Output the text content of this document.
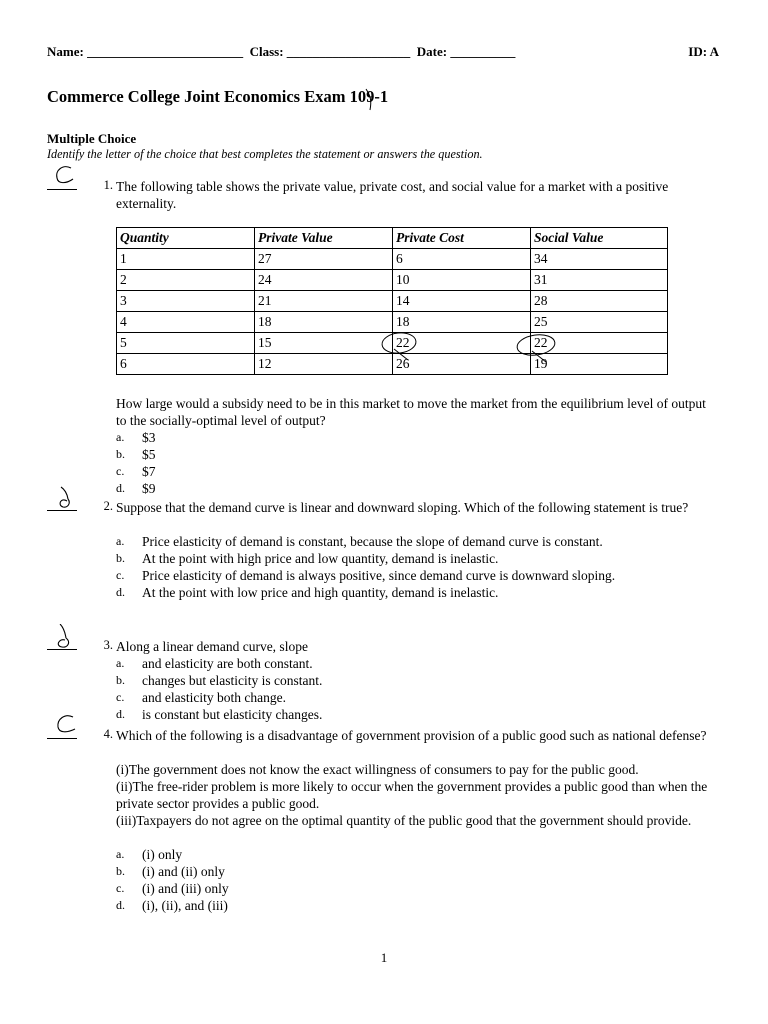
Name: ________________________ Class: ___________________ Date: __________	ID: A
Commerce College Joint Economics Exam 109-1
Multiple Choice
Identify the letter of the choice that best completes the statement or answers the question.
1. The following table shows the private value, private cost, and social value for a market with a positive externality.
Quantity	Private Value	Private Cost	Social Value
1	27	6	34
2	24	10	31
3	21	14	28
4	18	18	25
5	15	22	22
6	12	26	19
How large would a subsidy need to be in this market to move the market from the equilibrium level of output to the socially-optimal level of output?
a.	$3
b.	$5
c.	$7
d.	$9
2. Suppose that the demand curve is linear and downward sloping. Which of the following statement is true?
a.	Price elasticity of demand is constant, because the slope of demand curve is constant.
b.	At the point with high price and low quantity, demand is inelastic.
c.	Price elasticity of demand is always positive, since demand curve is downward sloping.
d.	At the point with low price and high quantity, demand is inelastic.
3. Along a linear demand curve, slope
a.	and elasticity are both constant.
b.	changes but elasticity is constant.
c.	and elasticity both change.
d.	is constant but elasticity changes.
4. Which of the following is a disadvantage of government provision of a public good such as national defense?
(i)The government does not know the exact willingness of consumers to pay for the public good.
(ii)The free-rider problem is more likely to occur when the government provides a public good than when the private sector provides a public good.
(iii)Taxpayers do not agree on the optimal quantity of the public good that the government should provide.
a.	(i) only
b.	(i) and (ii) only
c.	(i) and (iii) only
d.	(i), (ii), and (iii)
1
